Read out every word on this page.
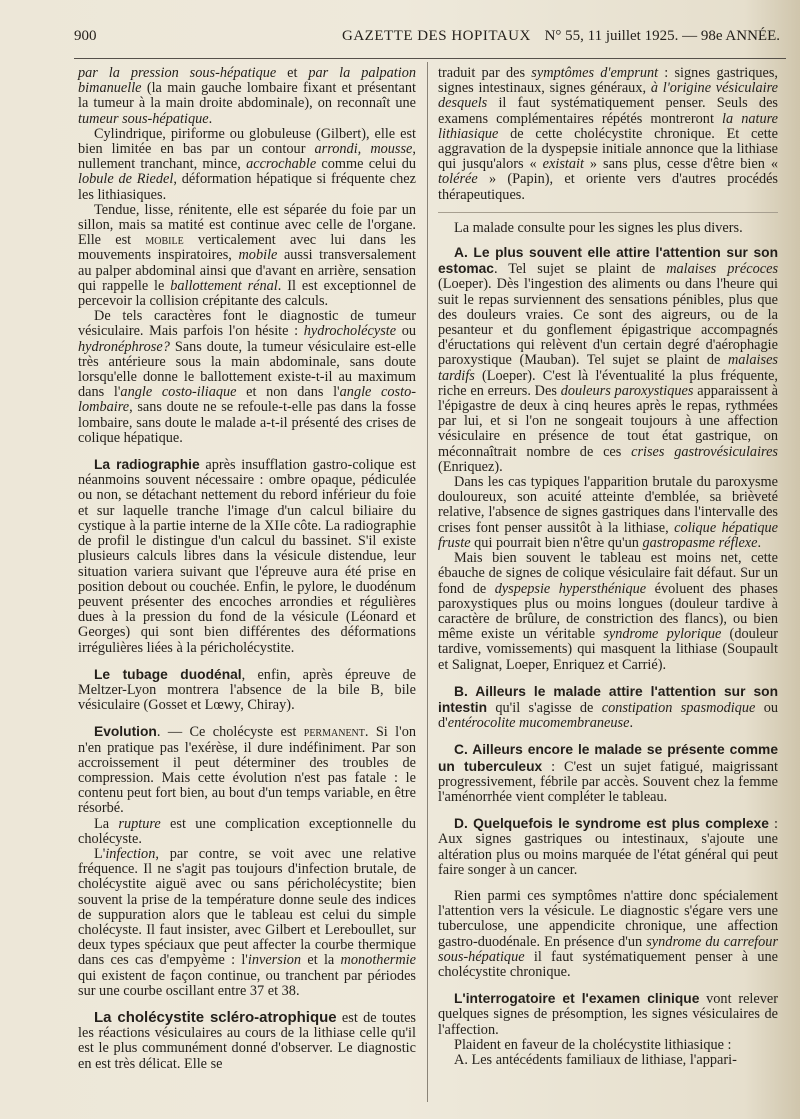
900	GAZETTE DES HOPITAUX N° 55, 11 juillet 1925. — 98e ANNÉE.

par la pression sous-hépatique et par la palpation bimanuelle (la main gauche lombaire fixant et présentant la tumeur à la main droite abdominale), on reconnaît une tumeur sous-hépatique.

Cylindrique, piriforme ou globuleuse (Gilbert), elle est bien limitée en bas par un contour arrondi, mousse, nullement tranchant, mince, accrochable comme celui du lobule de Riedel, déformation hépatique si fréquente chez les lithiasiques.

Tendue, lisse, rénitente, elle est séparée du foie par un sillon, mais sa matité est continue avec celle de l'organe. Elle est mobile verticalement avec lui dans les mouvements inspiratoires, mobile aussi transversalement au palper abdominal ainsi que d'avant en arrière, sensation qui rappelle le ballottement rénal. Il est exceptionnel de percevoir la collision crépitante des calculs.

De tels caractères font le diagnostic de tumeur vésiculaire. Mais parfois l'on hésite : hydrocholécyste ou hydronéphrose? Sans doute, la tumeur vésiculaire est-elle très antérieure sous la main abdominale, sans doute lorsqu'elle donne le ballottement existe-t-il au maximum dans l'angle costo-iliaque et non dans l'angle costo-lombaire, sans doute ne se refoule-t-elle pas dans la fosse lombaire, sans doute le malade a-t-il présenté des crises de colique hépatique.

La radiographie après insufflation gastro-colique est néanmoins souvent nécessaire : ombre opaque, pédiculée ou non, se détachant nettement du rebord inférieur du foie et sur laquelle tranche l'image d'un calcul biliaire du cystique à la partie interne de la XIIe côte. La radiographie de profil le distingue d'un calcul du bassinet. S'il existe plusieurs calculs libres dans la vésicule distendue, leur situation variera suivant que l'épreuve aura été prise en position debout ou couchée. Enfin, le pylore, le duodénum peuvent présenter des encoches arrondies et régulières dues à la pression du fond de la vésicule (Léonard et Georges) qui sont bien différentes des déformations irrégulières liées à la péricholécystite.

Le tubage duodénal, enfin, après épreuve de Meltzer-Lyon montrera l'absence de la bile B, bile vésiculaire (Gosset et Lœwy, Chiray).

Evolution. — Ce cholécyste est permanent. Si l'on n'en pratique pas l'exérèse, il dure indéfiniment. Par son accroissement il peut déterminer des troubles de compression. Mais cette évolution n'est pas fatale : le contenu peut fort bien, au bout d'un temps variable, en être résorbé.

La rupture est une complication exceptionnelle du cholécyste.

L'infection, par contre, se voit avec une relative fréquence. Il ne s'agit pas toujours d'infection brutale, de cholécystite aiguë avec ou sans péricholécystite; bien souvent la prise de la température donne seule des indices de suppuration alors que le tableau est celui du simple cholécyste. Il faut insister, avec Gilbert et Lereboullet, sur deux types spéciaux que peut affecter la courbe thermique dans ces cas d'empyème : l'inversion et la monothermie qui existent de façon continue, ou tranchent par périodes sur une courbe oscillant entre 37 et 38.

La cholécystite scléro-atrophique est de toutes les réactions vésiculaires au cours de la lithiase celle qu'il est le plus communément donné d'observer. Le diagnostic en est très délicat. Elle se

traduit par des symptômes d'emprunt : signes gastriques, signes intestinaux, signes généraux, à l'origine vésiculaire desquels il faut systématiquement penser. Seuls des examens complémentaires répétés montreront la nature lithiasique de cette cholécystite chronique. Et cette aggravation de la dyspepsie initiale annonce que la lithiase qui jusqu'alors « existait » sans plus, cesse d'être bien « tolérée » (Papin), et oriente vers d'autres procédés thérapeutiques.

La malade consulte pour les signes les plus divers.

A. Le plus souvent elle attire l'attention sur son estomac. Tel sujet se plaint de malaises précoces (Loeper). Dès l'ingestion des aliments ou dans l'heure qui suit le repas surviennent des sensations pénibles, plus que des douleurs vraies. Ce sont des aigreurs, ou de la pesanteur et du gonflement épigastrique accompagnés d'éructations qui relèvent d'un certain degré d'aérophagie paroxystique (Mauban). Tel sujet se plaint de malaises tardifs (Loeper). C'est là l'éventualité la plus fréquente, riche en erreurs. Des douleurs paroxystiques apparaissent à l'épigastre de deux à cinq heures après le repas, rythmées par lui, et si l'on ne songeait toujours à une affection vésiculaire en présence de tout état gastrique, on méconnaîtrait nombre de ces crises gastrovésiculaires (Enriquez).

Dans les cas typiques l'apparition brutale du paroxysme douloureux, son acuité atteinte d'emblée, sa brièveté relative, l'absence de signes gastriques dans l'intervalle des crises font penser aussitôt à la lithiase, colique hépatique fruste qui pourrait bien n'être qu'un gastropasme réflexe.

Mais bien souvent le tableau est moins net, cette ébauche de signes de colique vésiculaire fait défaut. Sur un fond de dyspepsie hypersthénique évoluent des phases paroxystiques plus ou moins longues (douleur tardive à caractère de brûlure, de constriction des flancs), ou bien même existe un véritable syndrome pylorique (douleur tardive, vomissements) qui masquent la lithiase (Soupault et Salignat, Loeper, Enriquez et Carrié).

B. Ailleurs le malade attire l'attention sur son intestin qu'il s'agisse de constipation spasmodique ou d'entérocolite mucomembraneuse.

C. Ailleurs encore le malade se présente comme un tuberculeux : C'est un sujet fatigué, maigrissant progressivement, fébrile par accès. Souvent chez la femme l'aménorrhée vient compléter le tableau.

D. Quelquefois le syndrome est plus complexe : Aux signes gastriques ou intestinaux, s'ajoute une altération plus ou moins marquée de l'état général qui peut faire songer à un cancer.

Rien parmi ces symptômes n'attire donc spécialement l'attention vers la vésicule. Le diagnostic s'égare vers une tuberculose, une appendicite chronique, une affection gastro-duodénale. En présence d'un syndrome du carrefour sous-hépatique il faut systématiquement penser à une cholécystite chronique.

L'interrogatoire et l'examen clinique vont relever quelques signes de présomption, les signes vésiculaires de l'affection.

Plaident en faveur de la cholécystite lithiasique :

A. Les antécédents familiaux de lithiase, l'appari-
